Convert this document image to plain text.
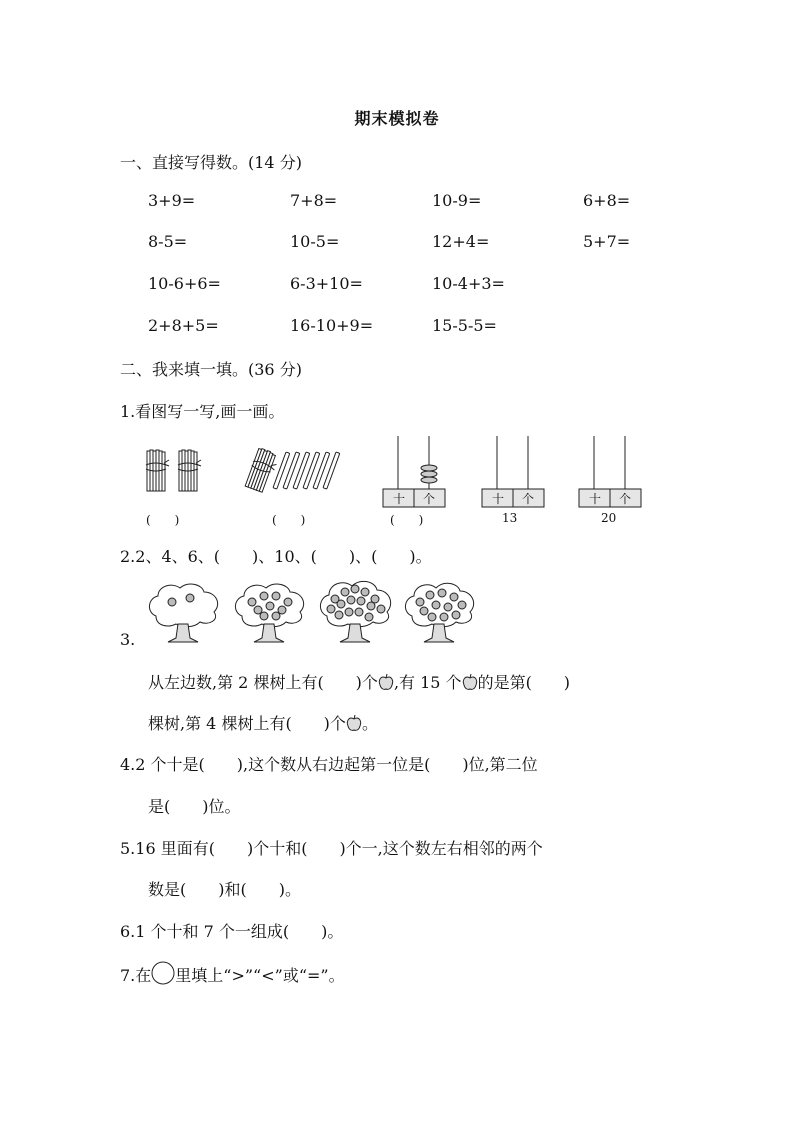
期末模拟卷
一、直接写得数。(14 分)
3+9=	7+8=	10-9=	6+8=
8-5=	10-5=	12+4=	5+7=
10-6+6=	6-3+10=	10-4+3=
2+8+5=	16-10+9=	15-5-5=
二、我来填一填。(36 分)
1.看图写一写,画一画。
十 个	十 个	十 个
(　　)	(　　)	(　　)	13	20
2.2、4、6、(　　)、10、(　　)、(　　)。
3.
从左边数,第 2 棵树上有(　　)个 ,有 15 个 的是第(　　)
棵树,第 4 棵树上有(　　)个 。
4.2 个十是(　　),这个数从右边起第一位是(　　)位,第二位
是(　　)位。
5.16 里面有(　　)个十和(　　)个一,这个数左右相邻的两个
数是(　　)和(　　)。
6.1 个十和 7 个一组成(　　)。
7.在 里填上“>”“<”或“=”。
